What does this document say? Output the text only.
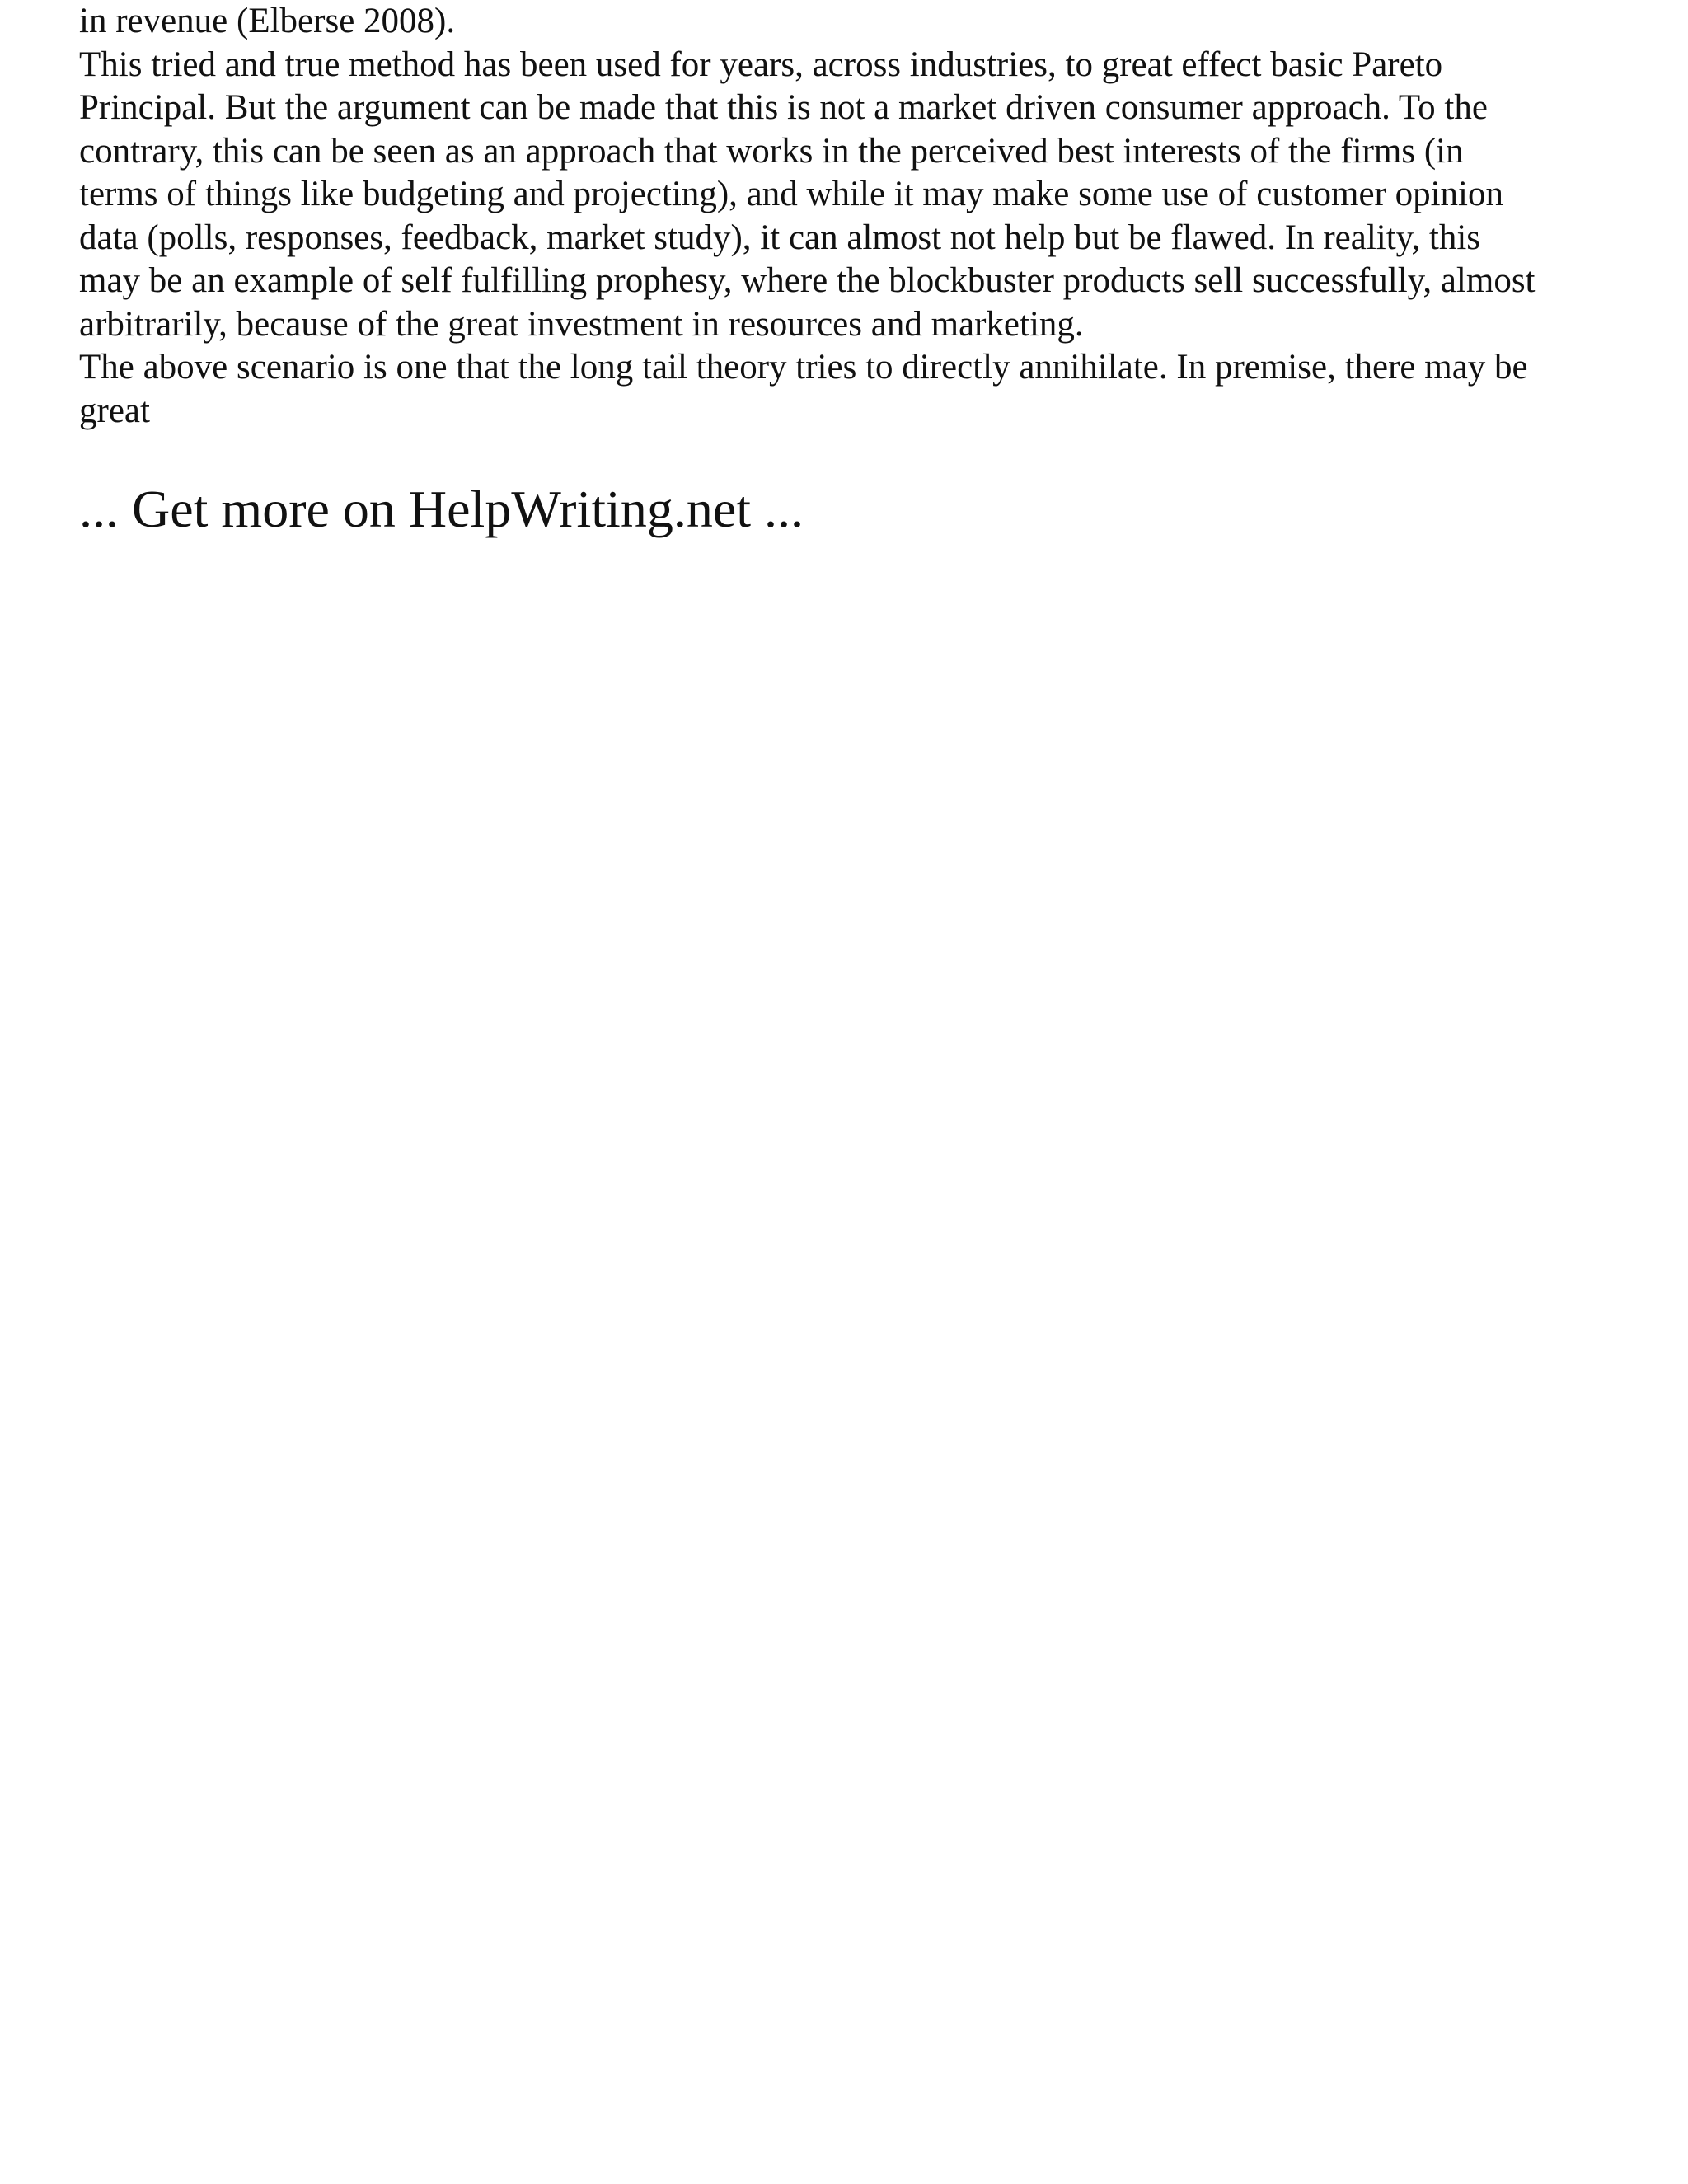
in revenue (Elberse 2008).
This tried and true method has been used for years, across industries, to great effect basic Pareto
Principal. But the argument can be made that this is not a market driven consumer approach. To the
contrary, this can be seen as an approach that works in the perceived best interests of the firms (in
terms of things like budgeting and projecting), and while it may make some use of customer opinion
data (polls, responses, feedback, market study), it can almost not help but be flawed. In reality, this
may be an example of self fulfilling prophesy, where the blockbuster products sell successfully, almost
arbitrarily, because of the great investment in resources and marketing.
The above scenario is one that the long tail theory tries to directly annihilate. In premise, there may be
great
... Get more on HelpWriting.net ...
